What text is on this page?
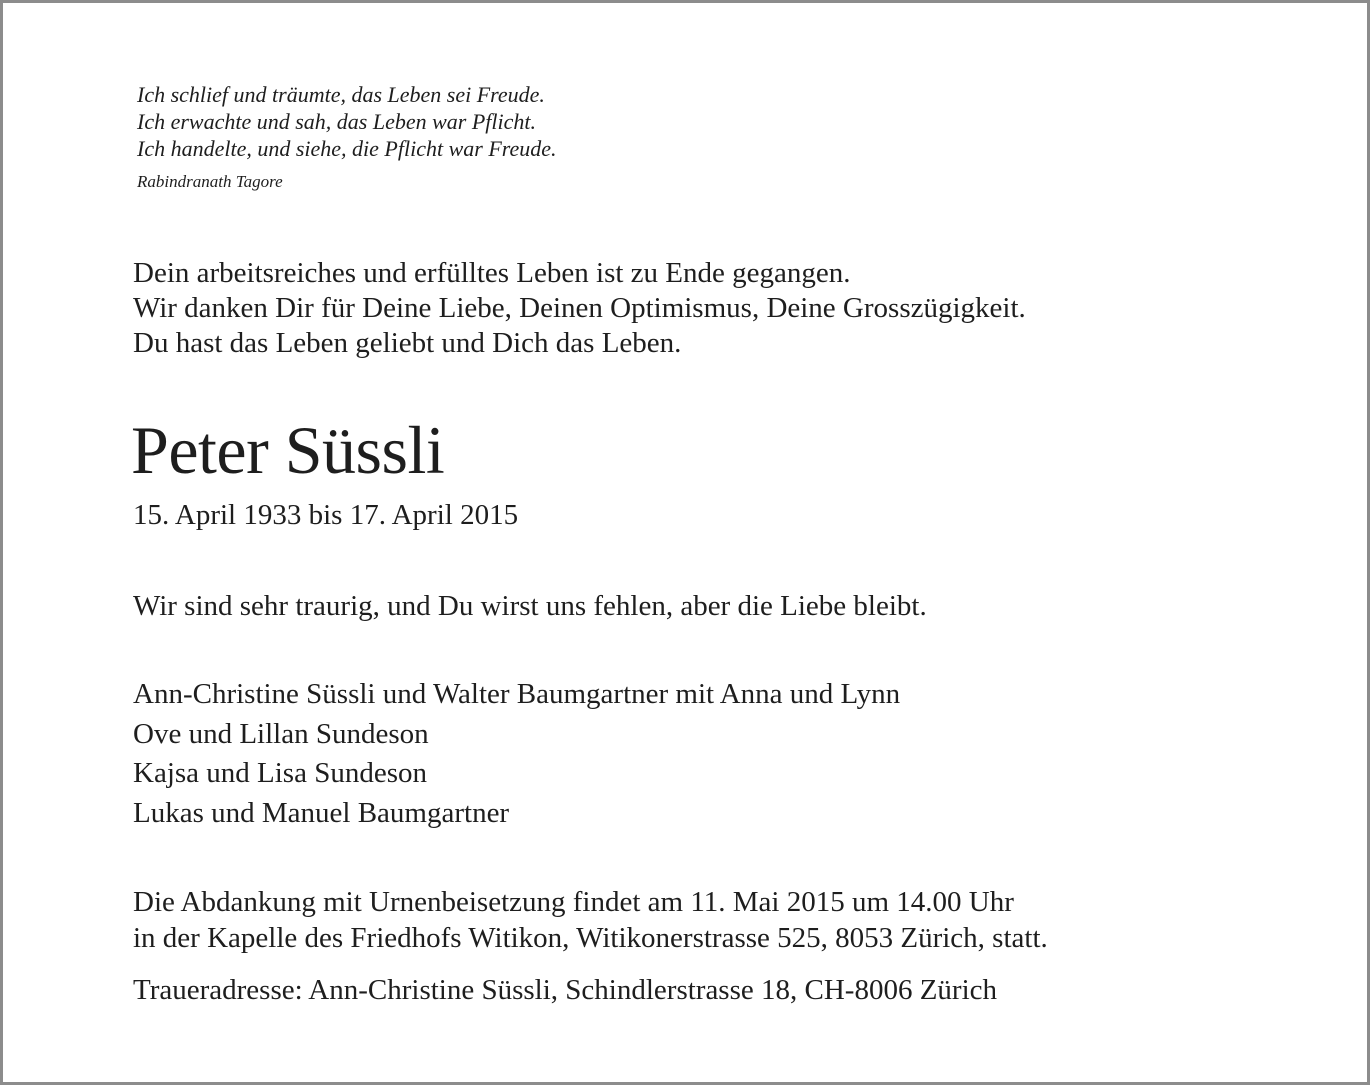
Ich schlief und träumte, das Leben sei Freude.
Ich erwachte und sah, das Leben war Pflicht.
Ich handelte, und siehe, die Pflicht war Freude.
Rabindranath Tagore
Dein arbeitsreiches und erfülltes Leben ist zu Ende gegangen.
Wir danken Dir für Deine Liebe, Deinen Optimismus, Deine Grosszügigkeit.
Du hast das Leben geliebt und Dich das Leben.
Peter Süssli
15. April 1933 bis 17. April 2015
Wir sind sehr traurig, und Du wirst uns fehlen, aber die Liebe bleibt.
Ann-Christine Süssli und Walter Baumgartner mit Anna und Lynn
Ove und Lillan Sundeson
Kajsa und Lisa Sundeson
Lukas und Manuel Baumgartner
Die Abdankung mit Urnenbeisetzung findet am 11. Mai 2015 um 14.00 Uhr
in der Kapelle des Friedhofs Witikon, Witikonerstrasse 525, 8053 Zürich, statt.
Traueradresse: Ann-Christine Süssli, Schindlerstrasse 18, CH-8006 Zürich
